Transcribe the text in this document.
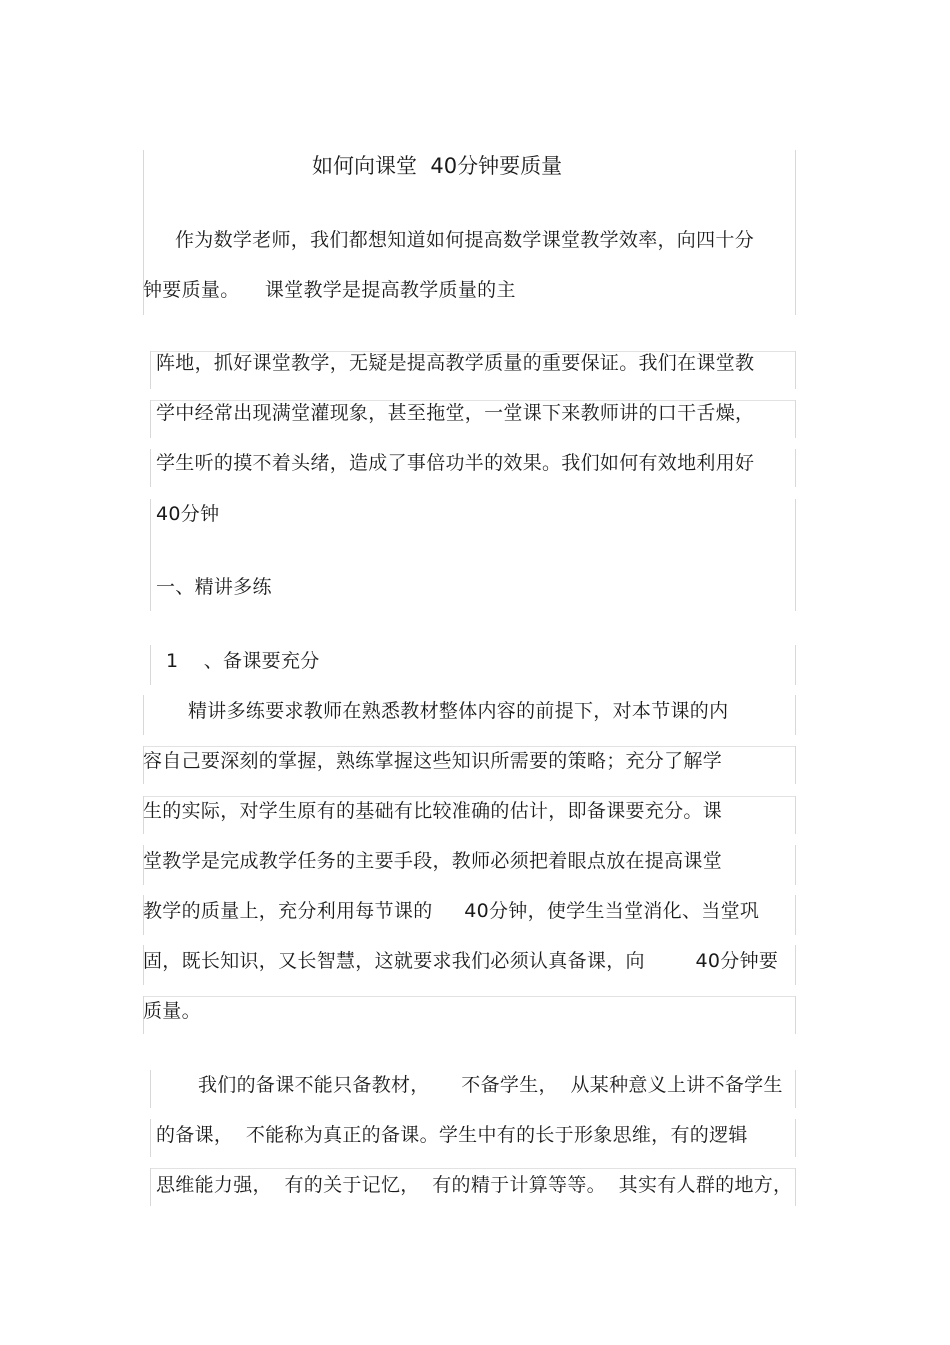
如何向课堂  40分钟要质量
作为数学老师，我们都想知道如何提高数学课堂教学效率，向四十分
钟要质量。    课堂教学是提高教学质量的主
阵地，抓好课堂教学，无疑是提高教学质量的重要保证。我们在课堂教
学中经常出现满堂灌现象，甚至拖堂，一堂课下来教师讲的口干舌燥，
学生听的摸不着头绪，造成了事倍功半的效果。我们如何有效地利用好
40分钟
一、精讲多练
1    、备课要充分
精讲多练要求教师在熟悉教材整体内容的前提下，对本节课的内
容自己要深刻的掌握，熟练掌握这些知识所需要的策略；充分了解学
生的实际，对学生原有的基础有比较准确的估计，即备课要充分。课
堂教学是完成教学任务的主要手段，教师必须把着眼点放在提高课堂
教学的质量上，充分利用每节课的     40分钟，使学生当堂消化、当堂巩
固，既长知识，又长智慧，这就要求我们必须认真备课，向        40分钟要
质量。
我们的备课不能只备教材，     不备学生，  从某种意义上讲不备学生
的备课，  不能称为真正的备课。学生中有的长于形象思维，有的逻辑
思维能力强，  有的关于记忆，  有的精于计算等等。  其实有人群的地方，
